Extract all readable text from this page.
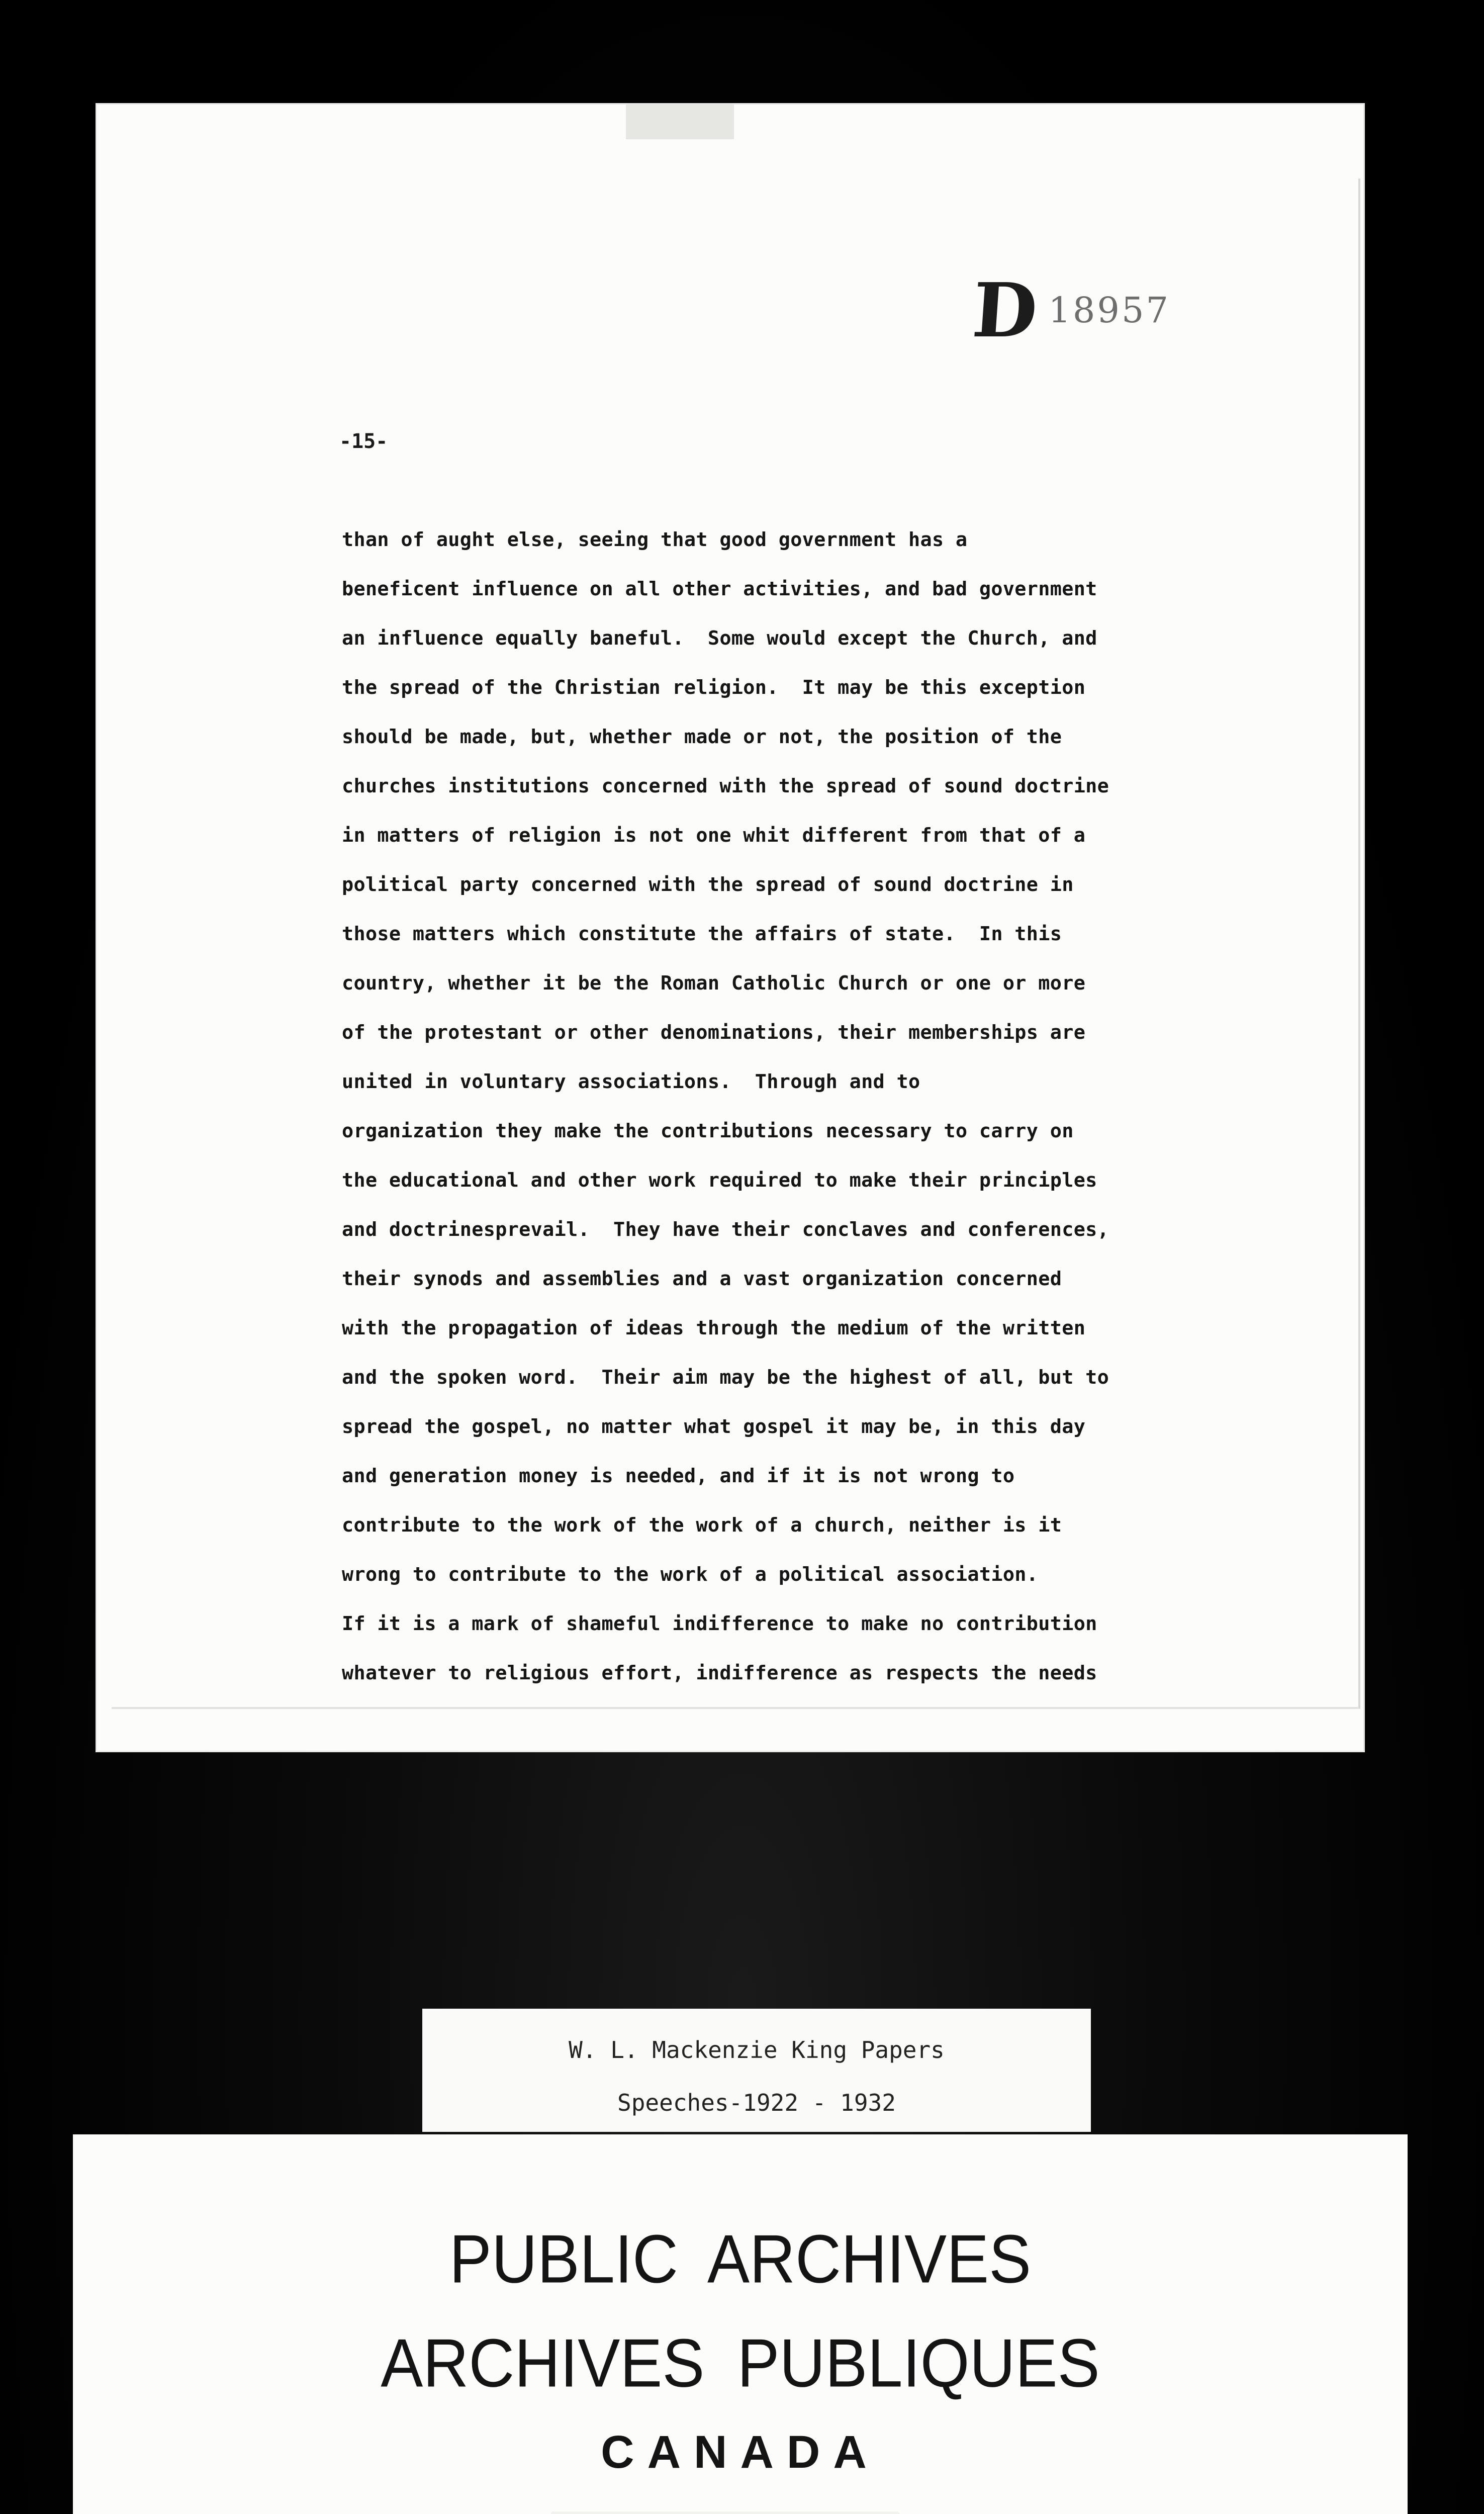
D 18957
-15-
than of aught else, seeing that good government has a
beneficent influence on all other activities, and bad government
an influence equally baneful.  Some would except the Church, and
the spread of the Christian religion.  It may be this exception
should be made, but, whether made or not, the position of the
churches institutions concerned with the spread of sound doctrine
in matters of religion is not one whit different from that of a
political party concerned with the spread of sound doctrine in
those matters which constitute the affairs of state.  In this
country, whether it be the Roman Catholic Church or one or more
of the protestant or other denominations, their memberships are
united in voluntary associations.  Through and to
organization they make the contributions necessary to carry on
the educational and other work required to make their principles
and doctrinesprevail.  They have their conclaves and conferences,
their synods and assemblies and a vast organization concerned
with the propagation of ideas through the medium of the written
and the spoken word.  Their aim may be the highest of all, but to
spread the gospel, no matter what gospel it may be, in this day
and generation money is needed, and if it is not wrong to
contribute to the work of the work of a church, neither is it
wrong to contribute to the work of a political association.
If it is a mark of shameful indifference to make no contribution
whatever to religious effort, indifference as respects the needs
W. L. Mackenzie King Papers
Speeches-1922 - 1932
PUBLIC ARCHIVES
ARCHIVES PUBLIQUES
CANADA
